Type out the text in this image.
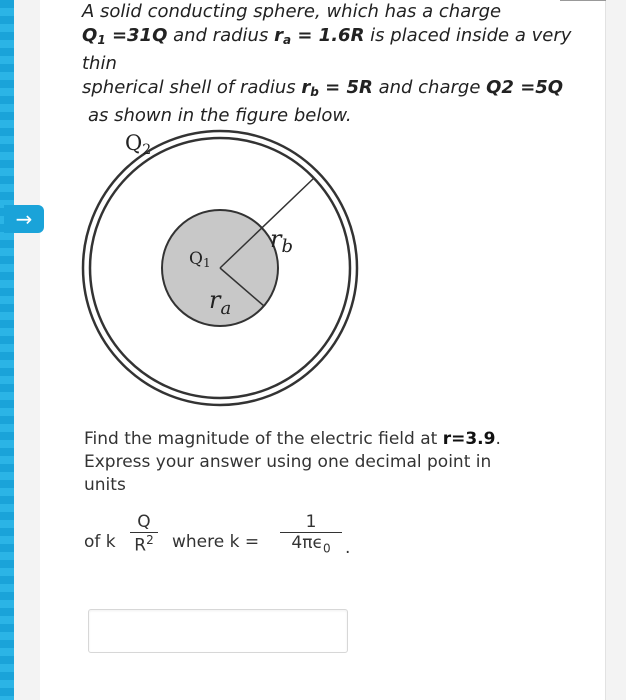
→
A solid conducting sphere, which has a charge
$Q_1 =31Q$ and radius $r_a = 1.6R$ is placed inside a very
thin
spherical shell of radius $r_b = 5R$ and charge Q2 =5Q
as shown in the figure below.
Q2
Q1
$r_b$
$r_a$
Find the magnitude of the electric field at r=3.9.
Express your answer using one decimal point in
units
of k
Q
$R^2$ where k =
1
$4\pi\epsilon_0$ .
